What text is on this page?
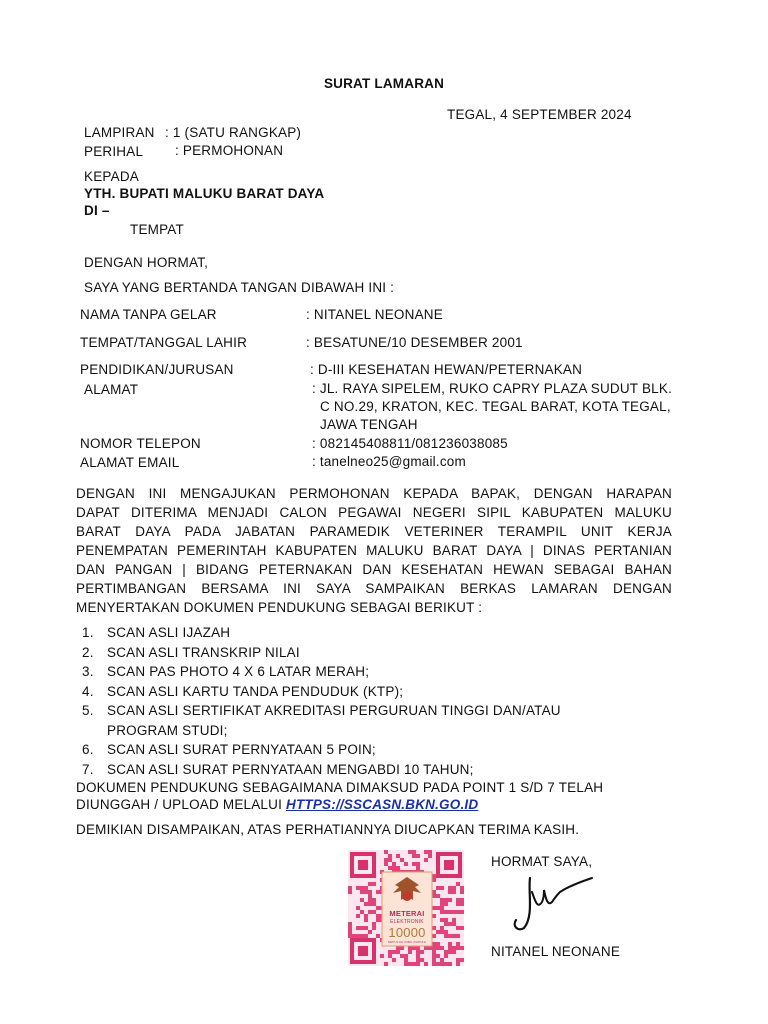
SURAT LAMARAN
TEGAL, 4 SEPTEMBER 2024
LAMPIRAN : 1 (SATU RANGKAP)
PERIHAL : PERMOHONAN
KEPADA
YTH. BUPATI MALUKU BARAT DAYA
DI –
TEMPAT
DENGAN HORMAT,
SAYA YANG BERTANDA TANGAN DIBAWAH INI :
NAMA TANPA GELAR	: NITANEL NEONANE
TEMPAT/TANGGAL LAHIR	: BESATUNE/10 DESEMBER 2001
PENDIDIKAN/JURUSAN	: D-III KESEHATAN HEWAN/PETERNAKAN
ALAMAT	: JL. RAYA SIPELEM, RUKO CAPRY PLAZA SUDUT BLK.
C NO.29, KRATON, KEC. TEGAL BARAT, KOTA TEGAL,
JAWA TENGAH
NOMOR TELEPON	: 082145408811/081236038085
ALAMAT EMAIL	: tanelneo25@gmail.com
DENGAN INI MENGAJUKAN PERMOHONAN KEPADA BAPAK, DENGAN HARAPAN
DAPAT DITERIMA MENJADI CALON PEGAWAI NEGERI SIPIL KABUPATEN MALUKU
BARAT DAYA PADA JABATAN PARAMEDIK VETERINER TERAMPIL UNIT KERJA
PENEMPATAN PEMERINTAH KABUPATEN MALUKU BARAT DAYA | DINAS PERTANIAN
DAN PANGAN | BIDANG PETERNAKAN DAN KESEHATAN HEWAN SEBAGAI BAHAN
PERTIMBANGAN BERSAMA INI SAYA SAMPAIKAN BERKAS LAMARAN DENGAN
MENYERTAKAN DOKUMEN PENDUKUNG SEBAGAI BERIKUT :
1. SCAN ASLI IJAZAH
2. SCAN ASLI TRANSKRIP NILAI
3. SCAN PAS PHOTO 4 X 6 LATAR MERAH;
4. SCAN ASLI KARTU TANDA PENDUDUK (KTP);
5. SCAN ASLI SERTIFIKAT AKREDITASI PERGURUAN TINGGI DAN/ATAU
PROGRAM STUDI;
6. SCAN ASLI SURAT PERNYATAAN 5 POIN;
7. SCAN ASLI SURAT PERNYATAAN MENGABDI 10 TAHUN;
DOKUMEN PENDUKUNG SEBAGAIMANA DIMAKSUD PADA POINT 1 S/D 7 TELAH
DIUNGGAH / UPLOAD MELALUI HTTPS://SSCASN.BKN.GO.ID
DEMIKIAN DISAMPAIKAN, ATAS PERHATIANNYA DIUCAPKAN TERIMA KASIH.
HORMAT SAYA,
METERAI
ELEKTRONIK
10000
SEPULUH RIBU RUPIAH
NITANEL NEONANE
